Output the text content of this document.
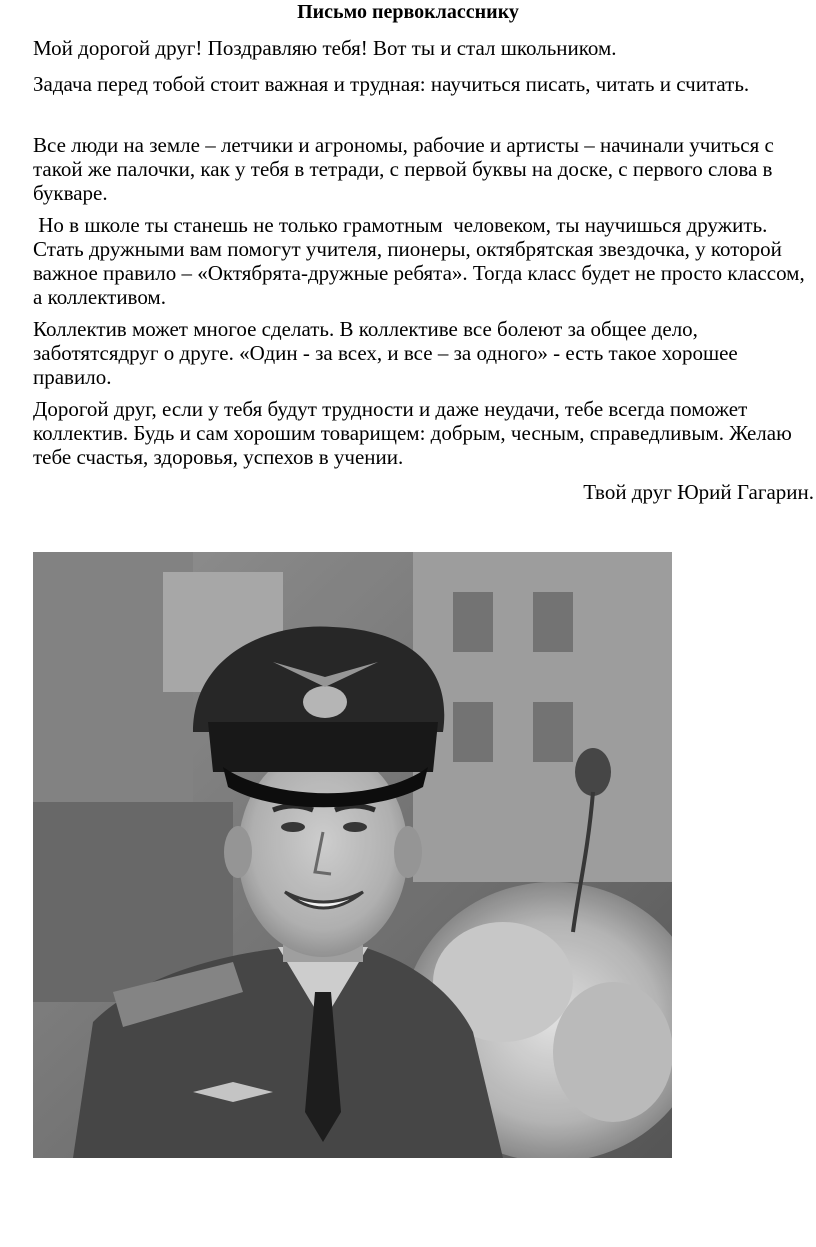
Письмо первокласснику

Мой дорогой друг! Поздравляю тебя! Вот ты и стал школьником.

Задача перед тобой стоит важная и трудная: научиться писать, читать и считать.

Все люди на земле – летчики и агрономы, рабочие и артисты – начинали учиться с такой же палочки, как у тебя в тетради, с первой буквы на доске, с первого слова в букваре.

Но в школе ты станешь не только грамотным  человеком, ты научишься дружить. Стать дружными вам помогут учителя, пионеры, октябрятская звездочка, у которой важное правило – «Октябрята-дружные ребята». Тогда класс будет не просто классом, а коллективом.

Коллектив может многое сделать. В коллективе все болеют за общее дело, заботятсядруг о друге. «Один - за всех, и все – за одного» - есть такое хорошее правило.

Дорогой друг, если у тебя будут трудности и даже неудачи, тебе всегда поможет коллектив. Будь и сам хорошим товарищем: добрым, чесным, справедливым. Желаю тебе счастья, здоровья, успехов в учении.

Твой друг Юрий Гагарин.
